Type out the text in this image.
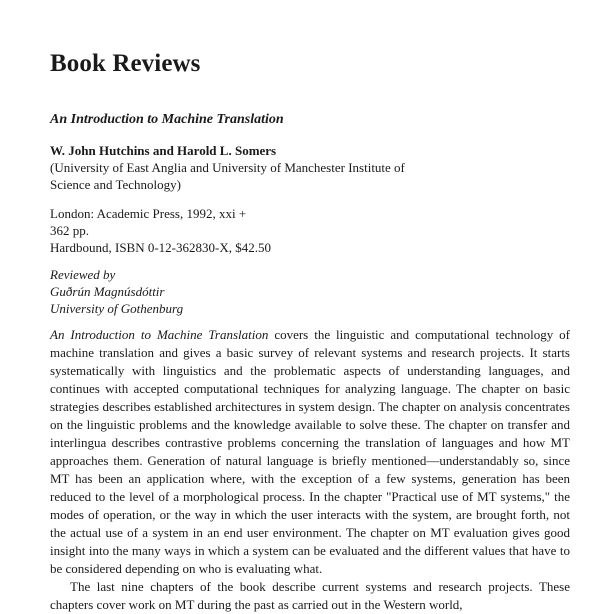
Book Reviews
An Introduction to Machine Translation
W. John Hutchins and Harold L. Somers
(University of East Anglia and University of Manchester Institute of
Science and Technology)
London: Academic Press, 1992, xxi +
362 pp.
Hardbound, ISBN 0-12-362830-X, $42.50
Reviewed by
Guðrún Magnúsdóttir
University of Gothenburg

An Introduction to Machine Translation covers the linguistic and computational technology of machine translation and gives a basic survey of relevant systems and research projects. It starts systematically with linguistics and the problematic aspects of understanding languages, and continues with accepted computational techniques for analyzing language. The chapter on basic strategies describes established architectures in system design. The chapter on analysis concentrates on the linguistic problems and the knowledge available to solve these. The chapter on transfer and interlingua describes contrastive problems concerning the translation of languages and how MT approaches them. Generation of natural language is briefly mentioned—understandably so, since MT has been an application where, with the exception of a few systems, generation has been reduced to the level of a morphological process. In the chapter "Practical use of MT systems," the modes of operation, or the way in which the user interacts with the system, are brought forth, not the actual use of a system in an end user environment. The chapter on MT evaluation gives good insight into the many ways in which a system can be evaluated and the different values that have to be considered depending on who is evaluating what.

The last nine chapters of the book describe current systems and research projects. These chapters cover work on MT during the past as carried out in the Western world,
